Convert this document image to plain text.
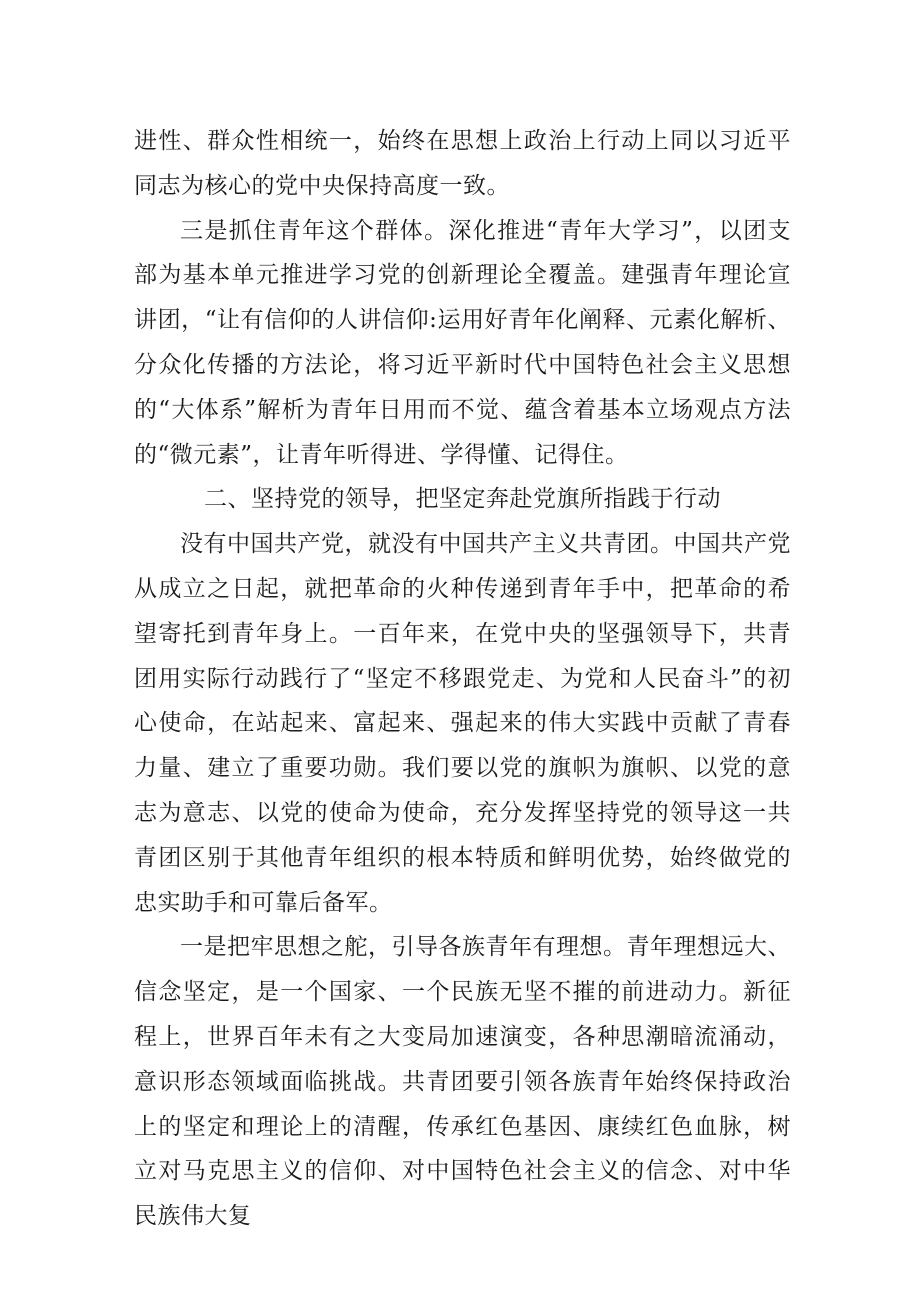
进性、群众性相统一，始终在思想上政治上行动上同以习近平同志为核心的党中央保持高度一致。

三是抓住青年这个群体。深化推进“青年大学习”，以团支部为基本单元推进学习党的创新理论全覆盖。建强青年理论宣讲团，“让有信仰的人讲信仰:运用好青年化阐释、元素化解析、分众化传播的方法论，将习近平新时代中国特色社会主义思想的“大体系”解析为青年日用而不觉、蕴含着基本立场观点方法的“微元素”，让青年听得进、学得懂、记得住。

二、坚持党的领导，把坚定奔赴党旗所指践于行动

没有中国共产党，就没有中国共产主义共青团。中国共产党从成立之日起，就把革命的火种传递到青年手中，把革命的希望寄托到青年身上。一百年来，在党中央的坚强领导下，共青团用实际行动践行了“坚定不移跟党走、为党和人民奋斗”的初心使命，在站起来、富起来、强起来的伟大实践中贡献了青春力量、建立了重要功勋。我们要以党的旗帜为旗帜、以党的意志为意志、以党的使命为使命，充分发挥坚持党的领导这一共青团区别于其他青年组织的根本特质和鲜明优势，始终做党的忠实助手和可靠后备军。

一是把牢思想之舵，引导各族青年有理想。青年理想远大、信念坚定，是一个国家、一个民族无坚不摧的前进动力。新征程上，世界百年未有之大变局加速演变，各种思潮暗流涌动，意识形态领域面临挑战。共青团要引领各族青年始终保持政治上的坚定和理论上的清醒，传承红色基因、康续红色血脉，树立对马克思主义的信仰、对中国特色社会主义的信念、对中华民族伟大复
